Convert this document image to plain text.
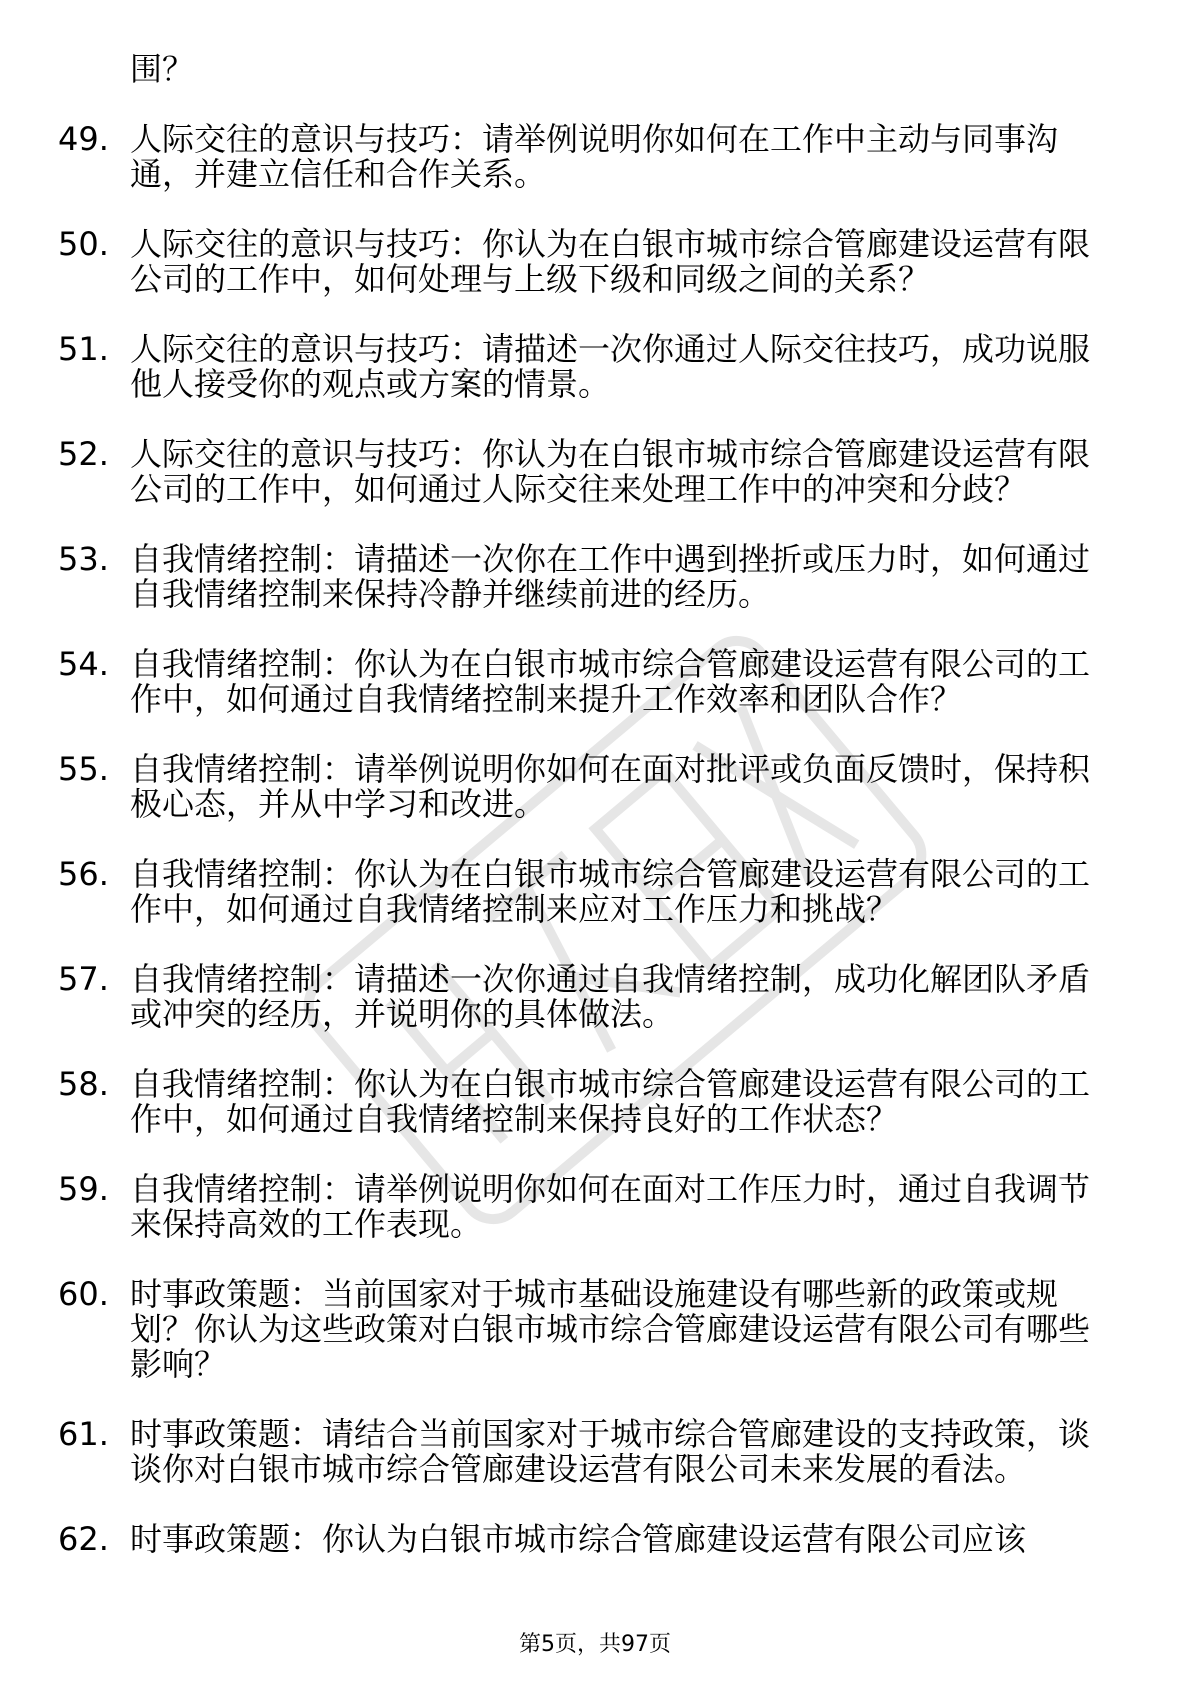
围？

49. 人际交往的意识与技巧：请举例说明你如何在工作中主动与同事沟通，并建立信任和合作关系。

50. 人际交往的意识与技巧：你认为在白银市城市综合管廊建设运营有限公司的工作中，如何处理与上级下级和同级之间的关系？

51. 人际交往的意识与技巧：请描述一次你通过人际交往技巧，成功说服他人接受你的观点或方案的情景。

52. 人际交往的意识与技巧：你认为在白银市城市综合管廊建设运营有限公司的工作中，如何通过人际交往来处理工作中的冲突和分歧？

53. 自我情绪控制：请描述一次你在工作中遇到挫折或压力时，如何通过自我情绪控制来保持冷静并继续前进的经历。

54. 自我情绪控制：你认为在白银市城市综合管廊建设运营有限公司的工作中，如何通过自我情绪控制来提升工作效率和团队合作？

55. 自我情绪控制：请举例说明你如何在面对批评或负面反馈时，保持积极心态，并从中学习和改进。

56. 自我情绪控制：你认为在白银市城市综合管廊建设运营有限公司的工作中，如何通过自我情绪控制来应对工作压力和挑战？

57. 自我情绪控制：请描述一次你通过自我情绪控制，成功化解团队矛盾或冲突的经历，并说明你的具体做法。

58. 自我情绪控制：你认为在白银市城市综合管廊建设运营有限公司的工作中，如何通过自我情绪控制来保持良好的工作状态？

59. 自我情绪控制：请举例说明你如何在面对工作压力时，通过自我调节来保持高效的工作表现。

60. 时事政策题：当前国家对于城市基础设施建设有哪些新的政策或规划？你认为这些政策对白银市城市综合管廊建设运营有限公司有哪些影响？

61. 时事政策题：请结合当前国家对于城市综合管廊建设的支持政策，谈谈你对白银市城市综合管廊建设运营有限公司未来发展的看法。

62. 时事政策题：你认为白银市城市综合管廊建设运营有限公司应该

第5页，共97页
